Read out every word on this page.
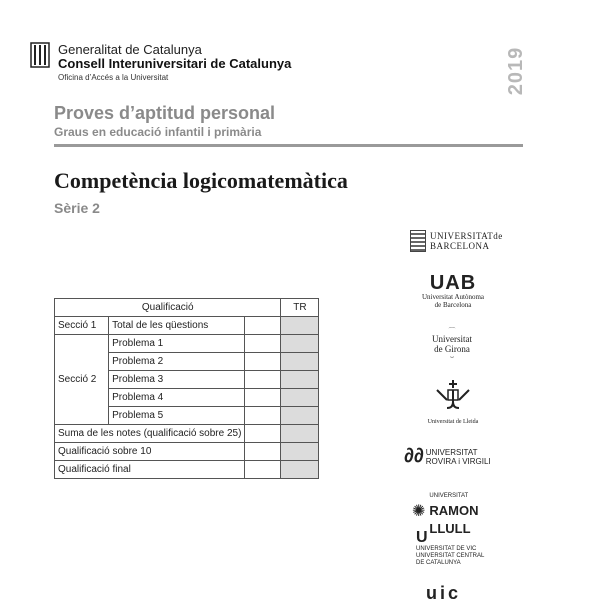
Generalitat de Catalunya
Consell Interuniversitari de Catalunya
Oficina d’Accés a la Universitat	2019
Proves d’aptitud personal
Graus en educació infantil i primària
Competència logicomatemàtica
Sèrie 2
Qualificació			TR
Secció 1	Total de les qüestions		
Secció 2	Problema 1		
	Problema 2		
	Problema 3		
	Problema 4		
	Problema 5		
Suma de les notes (qualificació sobre 25)			
Qualificació sobre 10			
Qualificació final			
UNIVERSITATde
BARCELONA
UAB
Universitat Autònoma
de Barcelona
⌒
Universitat
de Girona
⌣
Universitat de Lleida
∂∂ UNIVERSITAT
ROVIRA i VIRGILI
✺UNIVERSITAT
RAMON
LLULL
U
UNIVERSITAT DE VIC
UNIVERSITAT CENTRAL
DE CATALUNYA
uic
